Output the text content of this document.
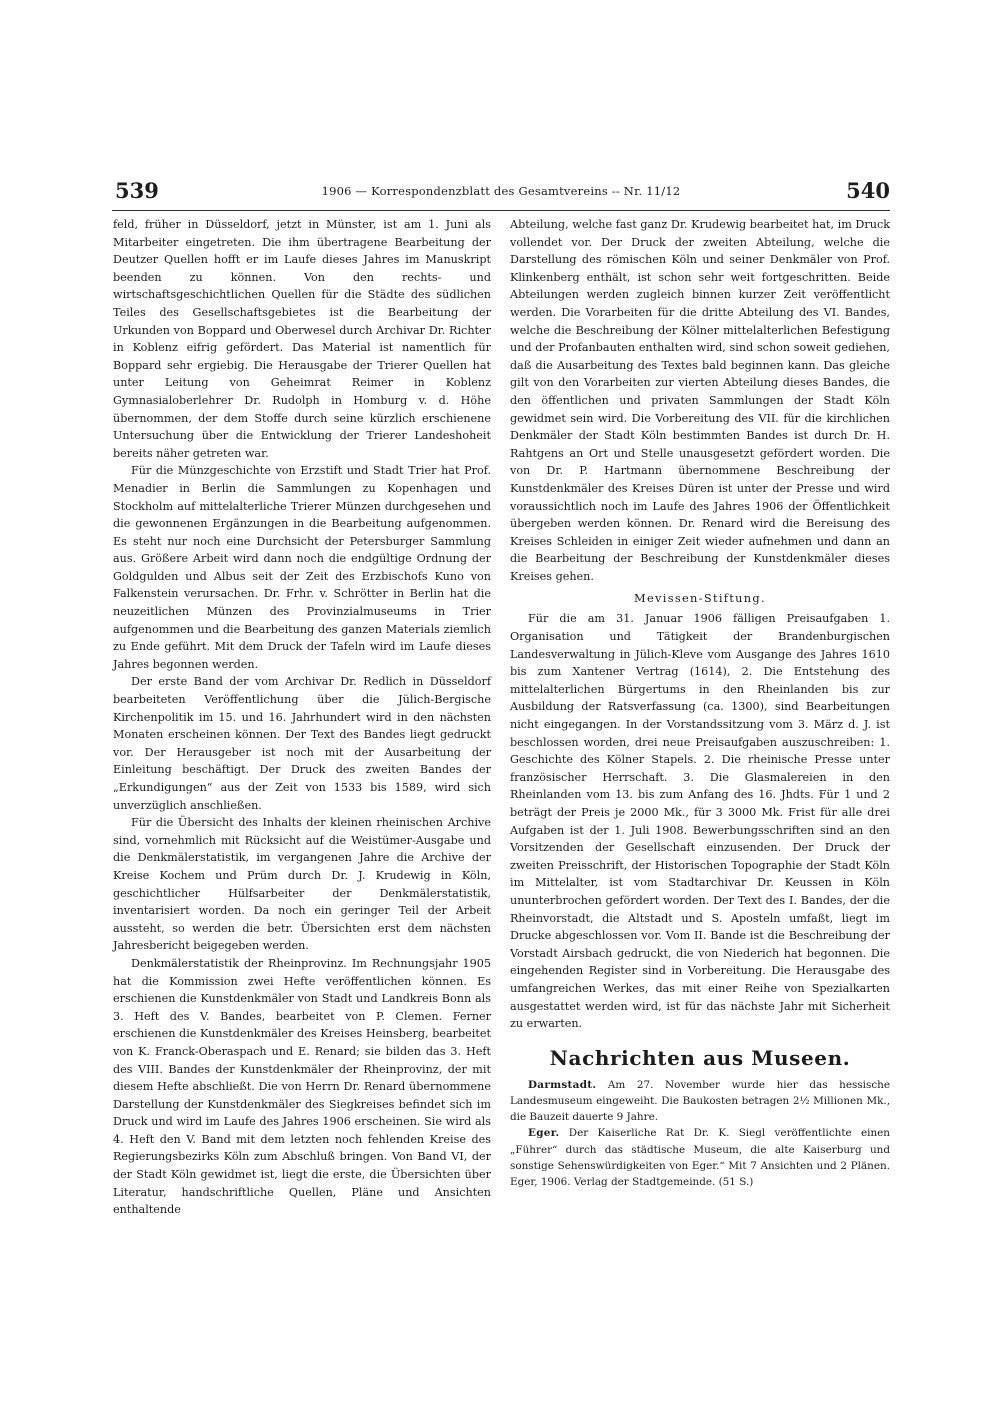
539	1906 — Korrespondenzblatt des Gesamtvereins -- Nr. 11/12	540

feld, früher in Düsseldorf, jetzt in Münster, ist am 1. Juni als Mitarbeiter eingetreten. Die ihm übertragene Bearbeitung der Deutzer Quellen hofft er im Laufe dieses Jahres im Manuskript beenden zu können. Von den rechts- und wirtschaftsgeschichtlichen Quellen für die Städte des südlichen Teiles des Gesellschaftsgebietes ist die Bearbeitung der Urkunden von Boppard und Oberwesel durch Archivar Dr. Richter in Koblenz eifrig gefördert. Das Material ist namentlich für Boppard sehr ergiebig. Die Herausgabe der Trierer Quellen hat unter Leitung von Geheimrat Reimer in Koblenz Gymnasialoberlehrer Dr. Rudolph in Homburg v. d. Höhe übernommen, der dem Stoffe durch seine kürzlich erschienene Untersuchung über die Entwicklung der Trierer Landeshoheit bereits näher getreten war.

Für die Münzgeschichte von Erzstift und Stadt Trier hat Prof. Menadier in Berlin die Sammlungen zu Kopenhagen und Stockholm auf mittelalterliche Trierer Münzen durchgesehen und die gewonnenen Ergänzungen in die Bearbeitung aufgenommen. Es steht nur noch eine Durchsicht der Petersburger Sammlung aus. Größere Arbeit wird dann noch die endgültige Ordnung der Goldgulden und Albus seit der Zeit des Erzbischofs Kuno von Falkenstein verursachen. Dr. Frhr. v. Schrötter in Berlin hat die neuzeitlichen Münzen des Provinzialmuseums in Trier aufgenommen und die Bearbeitung des ganzen Materials ziemlich zu Ende geführt. Mit dem Druck der Tafeln wird im Laufe dieses Jahres begonnen werden.

Der erste Band der vom Archivar Dr. Redlich in Düsseldorf bearbeiteten Veröffentlichung über die Jülich-Bergische Kirchenpolitik im 15. und 16. Jahrhundert wird in den nächsten Monaten erscheinen können. Der Text des Bandes liegt gedruckt vor. Der Herausgeber ist noch mit der Ausarbeitung der Einleitung beschäftigt. Der Druck des zweiten Bandes der „Erkundigungen“ aus der Zeit von 1533 bis 1589, wird sich unverzüglich anschließen.

Für die Übersicht des Inhalts der kleinen rheinischen Archive sind, vornehmlich mit Rücksicht auf die Weistümer-Ausgabe und die Denkmälerstatistik, im vergangenen Jahre die Archive der Kreise Kochem und Prüm durch Dr. J. Krudewig in Köln, geschichtlicher Hülfsarbeiter der Denkmälerstatistik, inventarisiert worden. Da noch ein geringer Teil der Arbeit aussteht, so werden die betr. Übersichten erst dem nächsten Jahresbericht beigegeben werden.

Denkmälerstatistik der Rheinprovinz. Im Rechnungsjahr 1905 hat die Kommission zwei Hefte veröffentlichen können. Es erschienen die Kunstdenkmäler von Stadt und Landkreis Bonn als 3. Heft des V. Bandes, bearbeitet von P. Clemen. Ferner erschienen die Kunstdenkmäler des Kreises Heinsberg, bearbeitet von K. Franck-Oberaspach und E. Renard; sie bilden das 3. Heft des VIII. Bandes der Kunstdenkmäler der Rheinprovinz, der mit diesem Hefte abschließt. Die von Herrn Dr. Renard übernommene Darstellung der Kunstdenkmäler des Siegkreises befindet sich im Druck und wird im Laufe des Jahres 1906 erscheinen. Sie wird als 4. Heft den V. Band mit dem letzten noch fehlenden Kreise des Regierungsbezirks Köln zum Abschluß bringen. Von Band VI, der der Stadt Köln gewidmet ist, liegt die erste, die Übersichten über Literatur, handschriftliche Quellen, Pläne und Ansichten enthaltende

Abteilung, welche fast ganz Dr. Krudewig bearbeitet hat, im Druck vollendet vor. Der Druck der zweiten Abteilung, welche die Darstellung des römischen Köln und seiner Denkmäler von Prof. Klinkenberg enthält, ist schon sehr weit fortgeschritten. Beide Abteilungen werden zugleich binnen kurzer Zeit veröffentlicht werden. Die Vorarbeiten für die dritte Abteilung des VI. Bandes, welche die Beschreibung der Kölner mittelalterlichen Befestigung und der Profanbauten enthalten wird, sind schon soweit gediehen, daß die Ausarbeitung des Textes bald beginnen kann. Das gleiche gilt von den Vorarbeiten zur vierten Abteilung dieses Bandes, die den öffentlichen und privaten Sammlungen der Stadt Köln gewidmet sein wird. Die Vorbereitung des VII. für die kirchlichen Denkmäler der Stadt Köln bestimmten Bandes ist durch Dr. H. Rahtgens an Ort und Stelle unausgesetzt gefördert worden. Die von Dr. P. Hartmann übernommene Beschreibung der Kunstdenkmäler des Kreises Düren ist unter der Presse und wird voraussichtlich noch im Laufe des Jahres 1906 der Öffentlichkeit übergeben werden können. Dr. Renard wird die Bereisung des Kreises Schleiden in einiger Zeit wieder aufnehmen und dann an die Bearbeitung der Beschreibung der Kunstdenkmäler dieses Kreises gehen.

Mevissen-Stiftung.

Für die am 31. Januar 1906 fälligen Preisaufgaben 1. Organisation und Tätigkeit der Brandenburgischen Landesverwaltung in Jülich-Kleve vom Ausgange des Jahres 1610 bis zum Xantener Vertrag (1614), 2. Die Entstehung des mittelalterlichen Bürgertums in den Rheinlanden bis zur Ausbildung der Ratsverfassung (ca. 1300), sind Bearbeitungen nicht eingegangen. In der Vorstandssitzung vom 3. März d. J. ist beschlossen worden, drei neue Preisaufgaben auszuschreiben: 1. Geschichte des Kölner Stapels. 2. Die rheinische Presse unter französischer Herrschaft. 3. Die Glasmalereien in den Rheinlanden vom 13. bis zum Anfang des 16. Jhdts. Für 1 und 2 beträgt der Preis je 2000 Mk., für 3 3000 Mk. Frist für alle drei Aufgaben ist der 1. Juli 1908. Bewerbungsschriften sind an den Vorsitzenden der Gesellschaft einzusenden. Der Druck der zweiten Preisschrift, der Historischen Topographie der Stadt Köln im Mittelalter, ist vom Stadtarchivar Dr. Keussen in Köln ununterbrochen gefördert worden. Der Text des I. Bandes, der die Rheinvorstadt, die Altstadt und S. Aposteln umfaßt, liegt im Drucke abgeschlossen vor. Vom II. Bande ist die Beschreibung der Vorstadt Airsbach gedruckt, die von Niederich hat begonnen. Die eingehenden Register sind in Vorbereitung. Die Herausgabe des umfangreichen Werkes, das mit einer Reihe von Spezialkarten ausgestattet werden wird, ist für das nächste Jahr mit Sicherheit zu erwarten.

Nachrichten aus Museen.

Darmstadt. Am 27. November wurde hier das hessische Landesmuseum eingeweiht. Die Baukosten betragen 2½ Millionen Mk., die Bauzeit dauerte 9 Jahre.

Eger. Der Kaiserliche Rat Dr. K. Siegl veröffentlichte einen „Führer“ durch das städtische Museum, die alte Kaiserburg und sonstige Sehenswürdigkeiten von Eger.“ Mit 7 Ansichten und 2 Plänen. Eger, 1906. Verlag der Stadtgemeinde. (51 S.)
